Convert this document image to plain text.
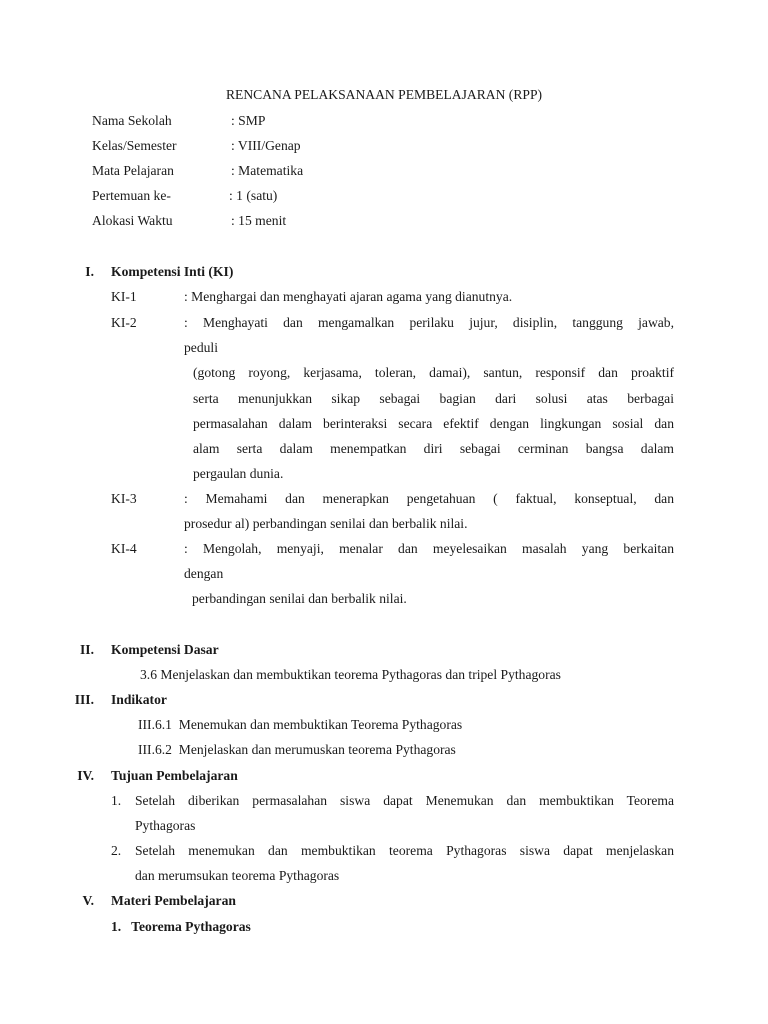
RENCANA PELAKSANAAN PEMBELAJARAN (RPP)
Nama Sekolah	: SMP
Kelas/Semester	: VIII/Genap
Mata Pelajaran	: Matematika
Pertemuan ke-	: 1 (satu)
Alokasi Waktu	: 15 menit
I. Kompetensi Inti (KI)
KI-1	: Menghargai dan menghayati ajaran agama yang dianutnya.
KI-2	: Menghayati dan mengamalkan perilaku jujur, disiplin, tanggung jawab,
peduli
(gotong royong, kerjasama, toleran, damai), santun, responsif dan proaktif
serta menunjukkan sikap sebagai bagian dari solusi atas berbagai
permasalahan dalam berinteraksi secara efektif dengan lingkungan sosial dan
alam serta dalam menempatkan diri sebagai cerminan bangsa dalam
pergaulan dunia.
KI-3	: Memahami dan menerapkan pengetahuan ( faktual, konseptual, dan
prosedur al) perbandingan senilai dan berbalik nilai.
KI-4	: Mengolah, menyaji, menalar dan meyelesaikan masalah yang berkaitan
dengan
perbandingan senilai dan berbalik nilai.
II. Kompetensi Dasar
3.6 Menjelaskan dan membuktikan teorema Pythagoras dan tripel Pythagoras
III. Indikator
III.6.1  Menemukan dan membuktikan Teorema Pythagoras
III.6.2  Menjelaskan dan merumuskan teorema Pythagoras
IV. Tujuan Pembelajaran
1. Setelah diberikan permasalahan siswa dapat Menemukan dan membuktikan Teorema
Pythagoras
2. Setelah menemukan dan membuktikan teorema Pythagoras siswa dapat menjelaskan
dan merumsukan teorema Pythagoras
V. Materi Pembelajaran
1.   Teorema Pythagoras
